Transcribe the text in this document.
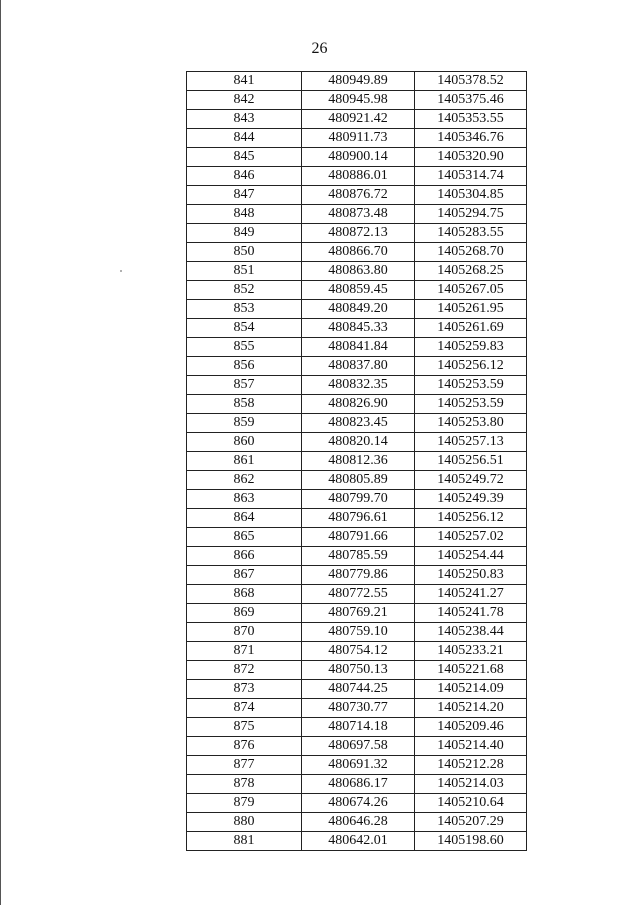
26
841	480949.89	1405378.52
842	480945.98	1405375.46
843	480921.42	1405353.55
844	480911.73	1405346.76
845	480900.14	1405320.90
846	480886.01	1405314.74
847	480876.72	1405304.85
848	480873.48	1405294.75
849	480872.13	1405283.55
850	480866.70	1405268.70
851	480863.80	1405268.25
852	480859.45	1405267.05
853	480849.20	1405261.95
854	480845.33	1405261.69
855	480841.84	1405259.83
856	480837.80	1405256.12
857	480832.35	1405253.59
858	480826.90	1405253.59
859	480823.45	1405253.80
860	480820.14	1405257.13
861	480812.36	1405256.51
862	480805.89	1405249.72
863	480799.70	1405249.39
864	480796.61	1405256.12
865	480791.66	1405257.02
866	480785.59	1405254.44
867	480779.86	1405250.83
868	480772.55	1405241.27
869	480769.21	1405241.78
870	480759.10	1405238.44
871	480754.12	1405233.21
872	480750.13	1405221.68
873	480744.25	1405214.09
874	480730.77	1405214.20
875	480714.18	1405209.46
876	480697.58	1405214.40
877	480691.32	1405212.28
878	480686.17	1405214.03
879	480674.26	1405210.64
880	480646.28	1405207.29
881	480642.01	1405198.60
